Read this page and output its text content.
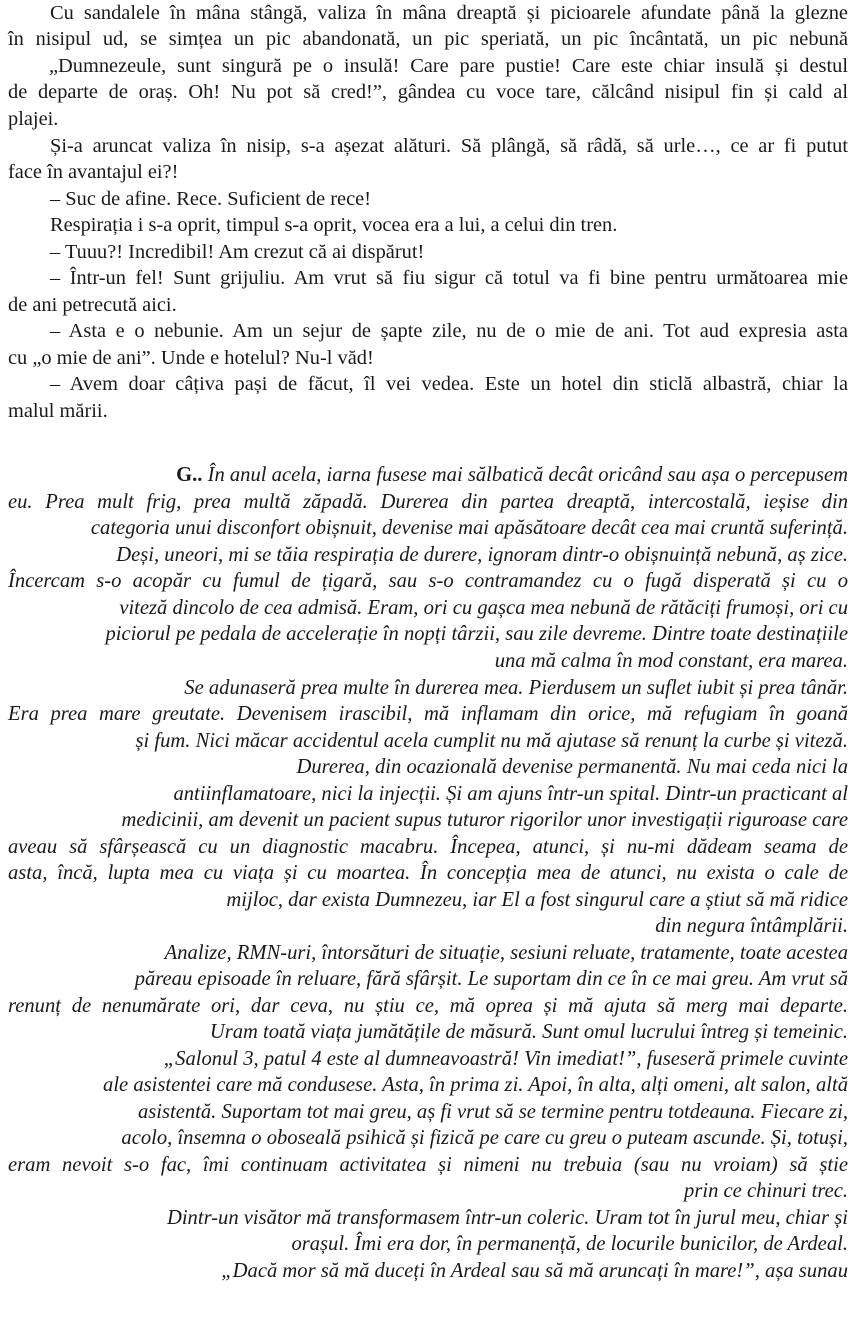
Cu sandalele în mâna stângă, valiza în mâna dreaptă și picioarele afundate până la glezne
în nisipul ud, se simțea un pic abandonată, un pic speriată, un pic încântată, un pic nebună
„Dumnezeule, sunt singură pe o insulă! Care pare pustie! Care este chiar insulă și destul
de departe de oraș. Oh! Nu pot să cred!”, gândea cu voce tare, călcând nisipul fin și cald al
plajei.
Și-a aruncat valiza în nisip, s-a așezat alături. Să plângă, să râdă, să urle…, ce ar fi putut
face în avantajul ei?!
– Suc de afine. Rece. Suficient de rece!
Respirația i s-a oprit, timpul s-a oprit, vocea era a lui, a celui din tren.
– Tuuu?! Incredibil! Am crezut că ai dispărut!
– Într-un fel! Sunt grijuliu. Am vrut să fiu sigur că totul va fi bine pentru următoarea mie
de ani petrecută aici.
– Asta e o nebunie. Am un sejur de șapte zile, nu de o mie de ani. Tot aud expresia asta
cu „o mie de ani”. Unde e hotelul? Nu-l văd!
– Avem doar câțiva pași de făcut, îl vei vedea. Este un hotel din sticlă albastră, chiar la
malul mării.
G.. În anul acela, iarna fusese mai sălbatică decât oricând sau așa o percepusem
eu. Prea mult frig, prea multă zăpadă. Durerea din partea dreaptă, intercostală, ieșise din
categoria unui disconfort obișnuit, devenise mai apăsătoare decât cea mai cruntă suferință.
Deși, uneori, mi se tăia respirația de durere, ignoram dintr-o obișnuință nebună, aș zice.
Încercam s-o acopăr cu fumul de țigară, sau s-o contramandez cu o fugă disperată și cu o
viteză dincolo de cea admisă. Eram, ori cu gașca mea nebună de rătăciți frumoși, ori cu
piciorul pe pedala de accelerație în nopți târzii, sau zile devreme. Dintre toate destinațiile
una mă calma în mod constant, era marea.
Se adunaseră prea multe în durerea mea. Pierdusem un suflet iubit și prea tânăr.
Era prea mare greutate. Devenisem irascibil, mă inflamam din orice, mă refugiam în goană
și fum. Nici măcar accidentul acela cumplit nu mă ajutase să renunț la curbe și viteză.
Durerea, din ocazională devenise permanentă. Nu mai ceda nici la
antiinflamatoare, nici la injecții. Și am ajuns într-un spital. Dintr-un practicant al
medicinii, am devenit un pacient supus tuturor rigorilor unor investigații riguroase care
aveau să sfârșească cu un diagnostic macabru. Începea, atunci, și nu-mi dădeam seama de
asta, încă, lupta mea cu viața și cu moartea. În concepția mea de atunci, nu exista o cale de
mijloc, dar exista Dumnezeu, iar El a fost singurul care a știut să mă ridice
din negura întâmplării.
Analize, RMN-uri, întorsături de situație, sesiuni reluate, tratamente, toate acestea
păreau episoade în reluare, fără sfârșit. Le suportam din ce în ce mai greu. Am vrut să
renunț de nenumărate ori, dar ceva, nu știu ce, mă oprea și mă ajuta să merg mai departe.
Uram toată viața jumătățile de măsură. Sunt omul lucrului întreg și temeinic.
„Salonul 3, patul 4 este al dumneavoastră! Vin imediat!”, fuseseră primele cuvinte
ale asistentei care mă condusese. Asta, în prima zi. Apoi, în alta, alți omeni, alt salon, altă
asistentă. Suportam tot mai greu, aș fi vrut să se termine pentru totdeauna. Fiecare zi,
acolo, însemna o oboseală psihică și fizică pe care cu greu o puteam ascunde. Și, totuși,
eram nevoit s-o fac, îmi continuam activitatea și nimeni nu trebuia (sau nu vroiam) să știe
prin ce chinuri trec.
Dintr-un visător mă transformasem într-un coleric. Uram tot în jurul meu, chiar și
orașul. Îmi era dor, în permanență, de locurile bunicilor, de Ardeal.
„Dacă mor să mă duceți în Ardeal sau să mă aruncați în mare!”, așa sunau
